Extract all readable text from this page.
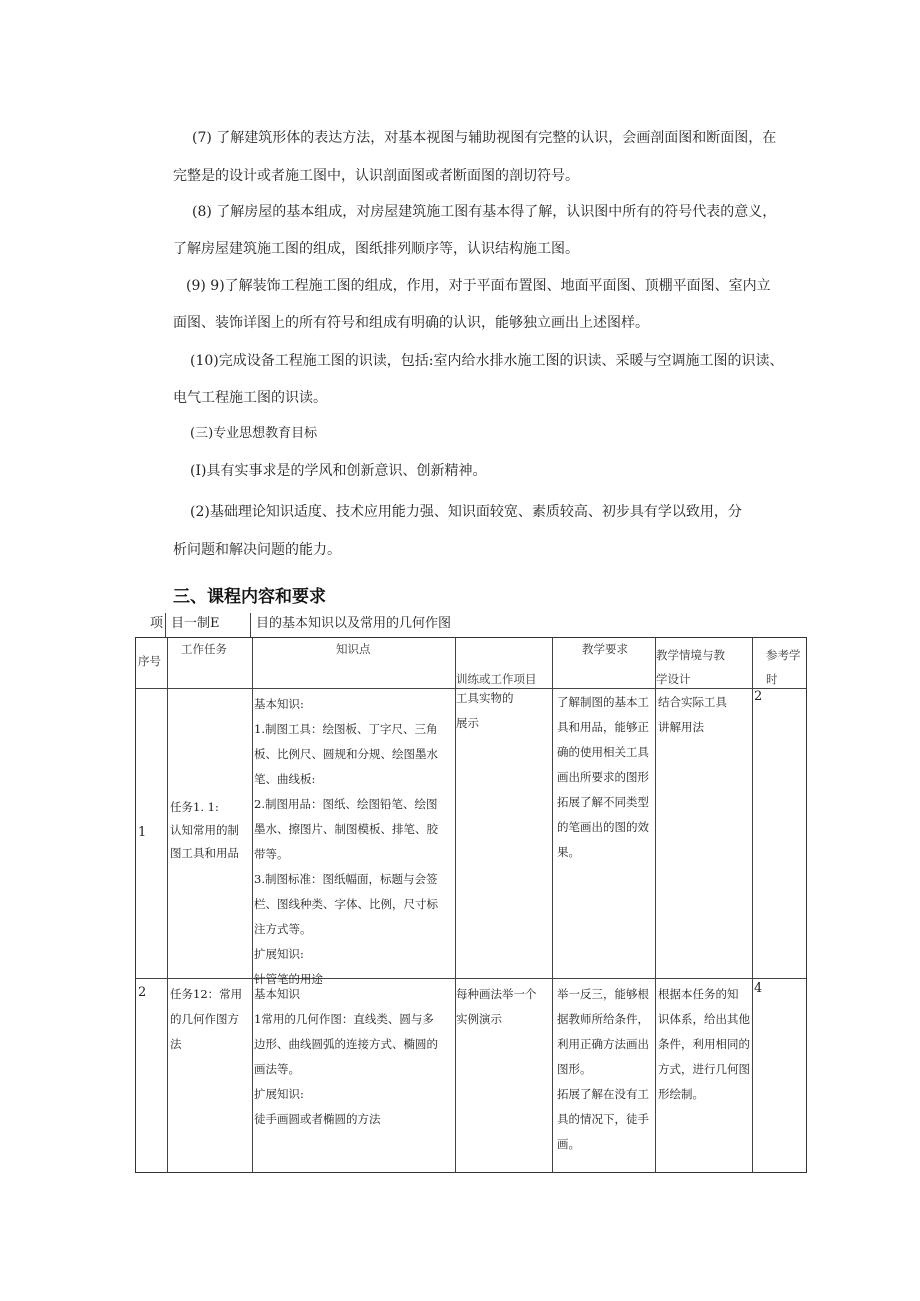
(7) 了解建筑形体的表达方法，对基本视图与辅助视图有完整的认识，会画剖面图和断面图，在
完整是的设计或者施工图中，认识剖面图或者断面图的剖切符号。
(8) 了解房屋的基本组成，对房屋建筑施工图有基本得了解，认识图中所有的符号代表的意义，
了解房屋建筑施工图的组成，图纸排列顺序等，认识结构施工图。
(9) 9)了解装饰工程施工图的组成，作用，对于平面布置图、地面平面图、顶棚平面图、室内立
面图、装饰详图上的所有符号和组成有明确的认识，能够独立画出上述图样。
(10)完成设备工程施工图的识读，包括:室内给水排水施工图的识读、采暖与空调施工图的识读、
电气工程施工图的识读。
(三)专业思想教育目标
(I)具有实事求是的学风和创新意识、创新精神。
(2)基础理论知识适度、技术应用能力强、知识面较宽、素质较高、初步具有学以致用，分
析问题和解决问题的能力。
三、课程内容和要求
项 目一制E	目的基本知识以及常用的几何作图
序号
工作任务	知识点
训练或工作项目
教学要求 教学情境与教
学设计
参考学
时
1
任务1. 1:
认知常用的制
图工具和用品
基本知识:
1.制图工具：绘图板、丁字尺、三角
板、比例尺、圆规和分规、绘图墨水
笔、曲线板:
2.制图用品：图纸、绘图铅笔、绘图
墨水、擦图片、制图模板、排笔、胶
带等。
3.制图标准：图纸幅面，标题与会签
栏、图线种类、字体、比例，尺寸标
注方式等。
扩展知识:
针管笔的用途
工具实物的
展示
了解制图的基本工
具和用品，能够正
确的使用相关工具
画出所要求的图形
拓展了解不同类型
的笔画出的图的效
果。
结合实际工具
讲解用法
2
2 任务12：常用
的几何作图方
法
基本知识
1常用的几何作图：直线类、圆与多
边形、曲线圆弧的连接方式、椭圆的
画法等。
扩展知识:
徒手画圆或者椭圆的方法
每种画法举一个
实例演示
举一反三，能够根
据教师所给条件，
利用正确方法画出
图形。
拓展了解在没有工
具的情况下，徒手
画。
根据本任务的知
识体系，给出其他
条件，利用相同的
方式，进行几何图
形绘制。
4
